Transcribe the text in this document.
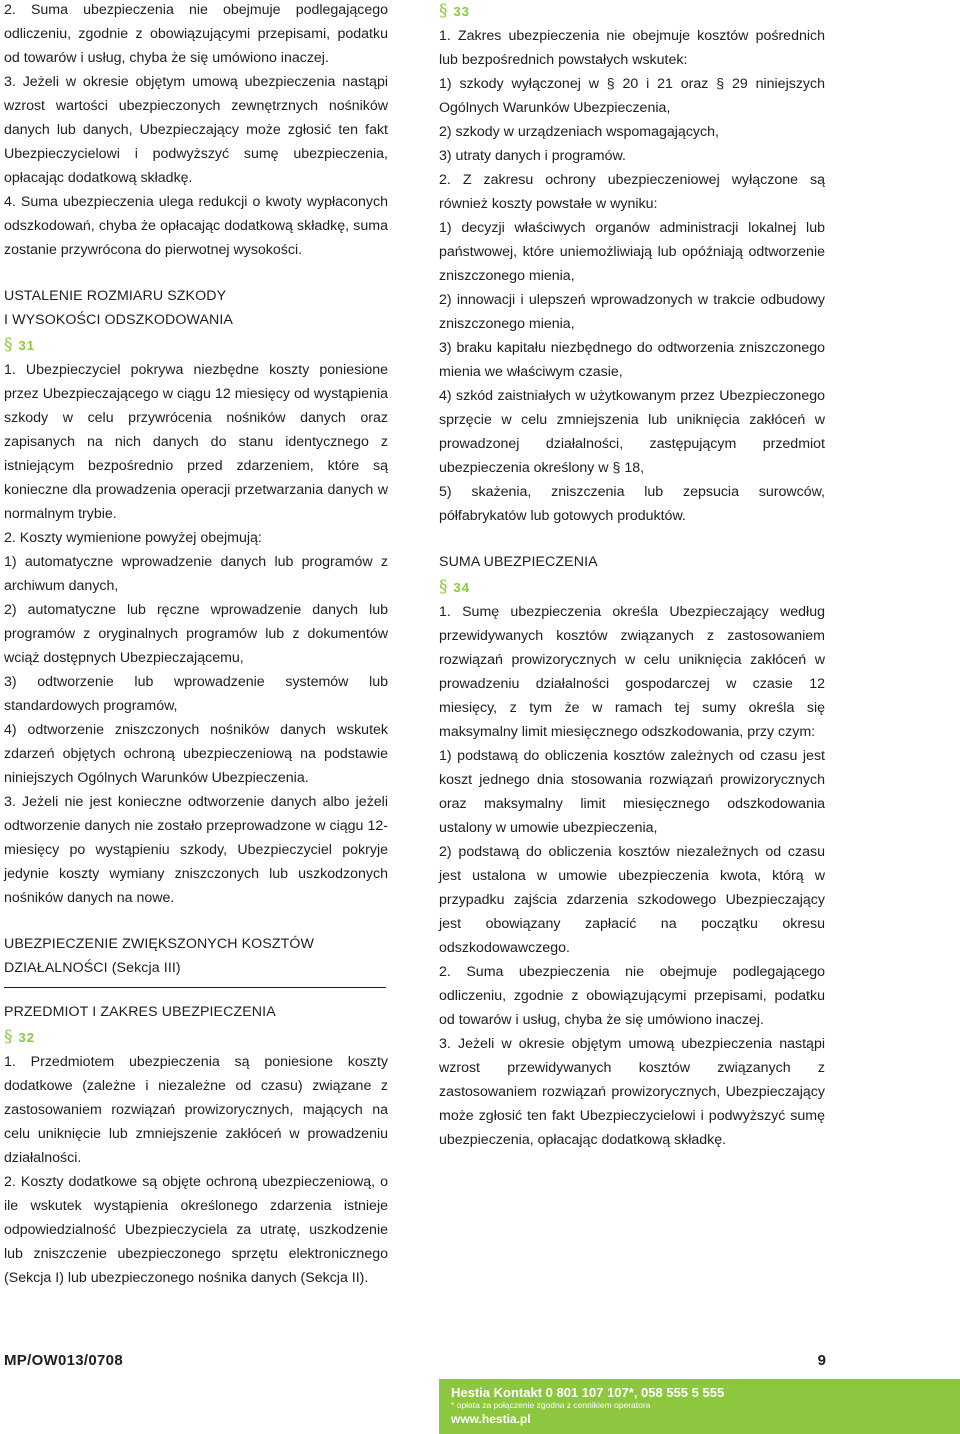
2. Suma ubezpieczenia nie obejmuje podlegającego odliczeniu, zgodnie z obowiązującymi przepisami, podatku od towarów i usług, chyba że się umówiono inaczej.

3. Jeżeli w okresie objętym umową ubezpieczenia nastąpi wzrost wartości ubezpieczonych zewnętrznych nośników danych lub danych, Ubezpieczający może zgłosić ten fakt Ubezpieczycielowi i podwyższyć sumę ubezpieczenia, opłacając dodatkową składkę.

4. Suma ubezpieczenia ulega redukcji o kwoty wypłaconych odszkodowań, chyba że opłacając dodatkową składkę, suma zostanie przywrócona do pierwotnej wysokości.

USTALENIE ROZMIARU SZKODY

I WYSOKOŚCI ODSZKODOWANIA

§ 31

1. Ubezpieczyciel pokrywa niezbędne koszty poniesione przez Ubezpieczającego w ciągu 12 miesięcy od wystąpienia szkody w celu przywrócenia nośników danych oraz zapisanych na nich danych do stanu identycznego z istniejącym bezpośrednio przed zdarzeniem, które są konieczne dla prowadzenia operacji przetwarzania danych w normalnym trybie.

2. Koszty wymienione powyżej obejmują:

1) automatyczne wprowadzenie danych lub programów z archiwum danych,

2) automatyczne lub ręczne wprowadzenie danych lub programów z oryginalnych programów lub z dokumentów wciąż dostępnych Ubezpieczającemu,

3) odtworzenie lub wprowadzenie systemów lub standardowych programów,

4) odtworzenie zniszczonych nośników danych wskutek zdarzeń objętych ochroną ubezpieczeniową na podstawie niniejszych Ogólnych Warunków Ubezpieczenia.

3. Jeżeli nie jest konieczne odtworzenie danych albo jeżeli odtworzenie danych nie zostało przeprowadzone w ciągu 12-miesięcy po wystąpieniu szkody, Ubezpieczyciel pokryje jedynie koszty wymiany zniszczonych lub uszkodzonych nośników danych na nowe.

UBEZPIECZENIE ZWIĘKSZONYCH KOSZTÓW

DZIAŁALNOŚCI (Sekcja III)

PRZEDMIOT I ZAKRES UBEZPIECZENIA

§ 32

1. Przedmiotem ubezpieczenia są poniesione koszty dodatkowe (zależne i niezależne od czasu) związane z zastosowaniem rozwiązań prowizorycznych, mających na celu uniknięcie lub zmniejszenie zakłóceń w prowadzeniu działalności.

2. Koszty dodatkowe są objęte ochroną ubezpieczeniową, o ile wskutek wystąpienia określonego zdarzenia istnieje odpowiedzialność Ubezpieczyciela za utratę, uszkodzenie lub zniszczenie ubezpieczonego sprzętu elektronicznego (Sekcja I) lub ubezpieczonego nośnika danych (Sekcja II).

§ 33

1. Zakres ubezpieczenia nie obejmuje kosztów pośrednich lub bezpośrednich powstałych wskutek:

1) szkody wyłączonej w § 20 i 21 oraz § 29 niniejszych Ogólnych Warunków Ubezpieczenia,

2) szkody w urządzeniach wspomagających,

3) utraty danych i programów.

2. Z zakresu ochrony ubezpieczeniowej wyłączone są również koszty powstałe w wyniku:

1) decyzji właściwych organów administracji lokalnej lub państwowej, które uniemożliwiają lub opóźniają odtworzenie zniszczonego mienia,

2) innowacji i ulepszeń wprowadzonych w trakcie odbudowy zniszczonego mienia,

3) braku kapitału niezbędnego do odtworzenia zniszczonego mienia we właściwym czasie,

4) szkód zaistniałych w użytkowanym przez Ubezpieczonego sprzęcie w celu zmniejszenia lub uniknięcia zakłóceń w prowadzonej działalności, zastępującym przedmiot ubezpieczenia określony w § 18,

5) skażenia, zniszczenia lub zepsucia surowców, półfabrykatów lub gotowych produktów.

SUMA UBEZPIECZENIA

§ 34

1. Sumę ubezpieczenia określa Ubezpieczający według przewidywanych kosztów związanych z zastosowaniem rozwiązań prowizorycznych w celu uniknięcia zakłóceń w prowadzeniu działalności gospodarczej w czasie 12 miesięcy, z tym że w ramach tej sumy określa się maksymalny limit miesięcznego odszkodowania, przy czym:

1) podstawą do obliczenia kosztów zależnych od czasu jest koszt jednego dnia stosowania rozwiązań prowizorycznych oraz maksymalny limit miesięcznego odszkodowania ustalony w umowie ubezpieczenia,

2) podstawą do obliczenia kosztów niezależnych od czasu jest ustalona w umowie ubezpieczenia kwota, którą w przypadku zajścia zdarzenia szkodowego Ubezpieczający jest obowiązany zapłacić na początku okresu odszkodowawczego.

2. Suma ubezpieczenia nie obejmuje podlegającego odliczeniu, zgodnie z obowiązującymi przepisami, podatku od towarów i usług, chyba że się umówiono inaczej.

3. Jeżeli w okresie objętym umową ubezpieczenia nastąpi wzrost przewidywanych kosztów związanych z zastosowaniem rozwiązań prowizorycznych, Ubezpieczający może zgłosić ten fakt Ubezpieczycielowi i podwyższyć sumę ubezpieczenia, opłacając dodatkową składkę.

MP/OW013/0708	9
Hestia Kontakt 0 801 107 107*, 058 555 5 555
* opłata za połączenie zgodna z cennikiem operatora
www.hestia.pl
